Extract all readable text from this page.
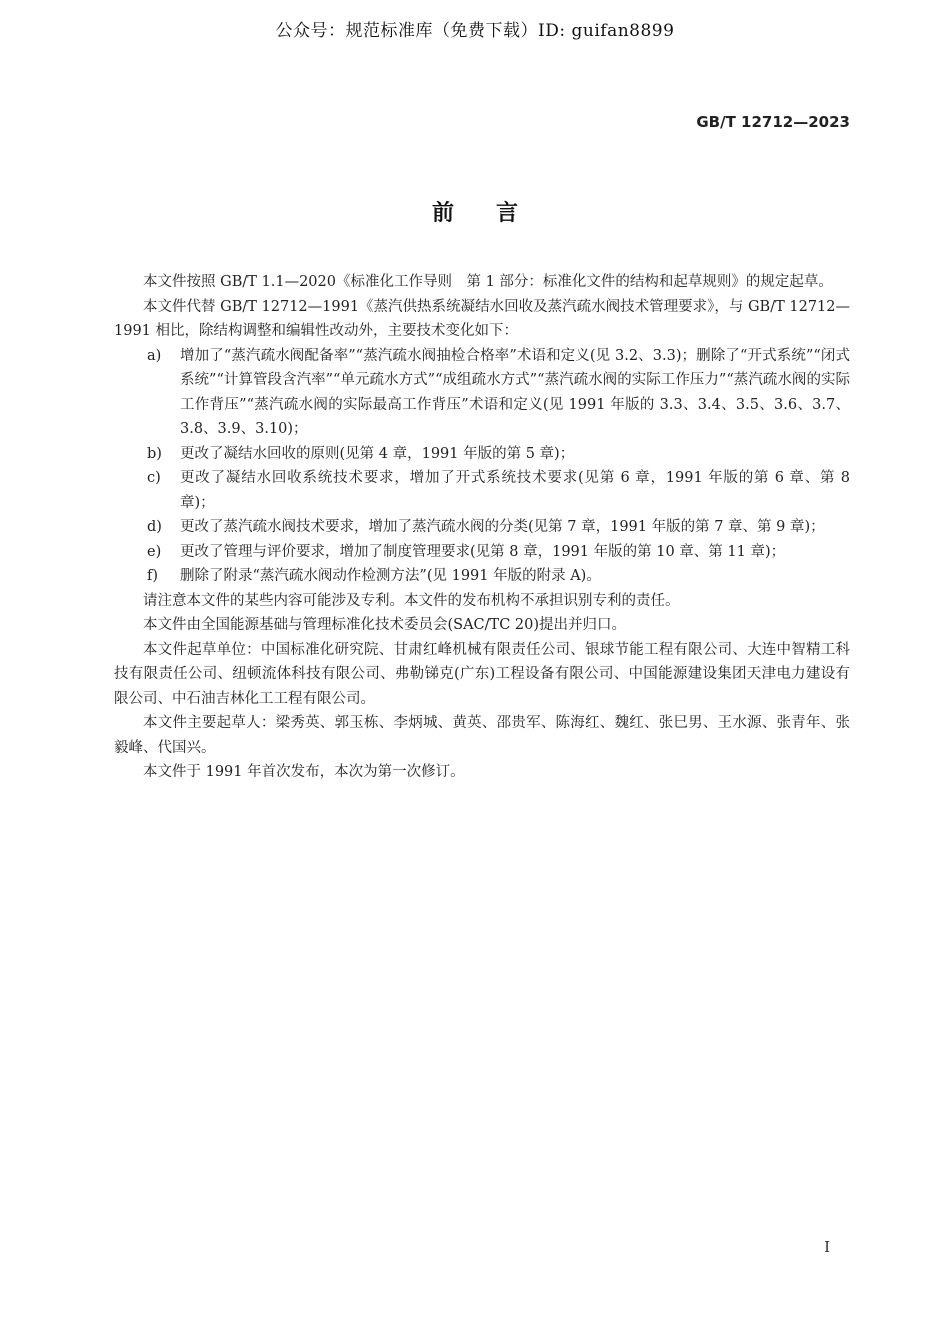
公众号：规范标准库（免费下载）ID: guifan8899
GB/T 12712—2023
前言

本文件按照 GB/T 1.1—2020《标准化工作导则　第 1 部分：标准化文件的结构和起草规则》的规定起草。

本文件代替 GB/T 12712—1991《蒸汽供热系统凝结水回收及蒸汽疏水阀技术管理要求》，与 GB/T 12712—1991 相比，除结构调整和编辑性改动外，主要技术变化如下：

a) 增加了“蒸汽疏水阀配备率”“蒸汽疏水阀抽检合格率”术语和定义(见 3.2、3.3)；删除了“开式系统”“闭式系统”“计算管段含汽率”“单元疏水方式”“成组疏水方式”“蒸汽疏水阀的实际工作压力”“蒸汽疏水阀的实际工作背压”“蒸汽疏水阀的实际最高工作背压”术语和定义(见 1991 年版的 3.3、3.4、3.5、3.6、3.7、3.8、3.9、3.10)；
b) 更改了凝结水回收的原则(见第 4 章，1991 年版的第 5 章)；
c) 更改了凝结水回收系统技术要求，增加了开式系统技术要求(见第 6 章，1991 年版的第 6 章、第 8 章)；
d) 更改了蒸汽疏水阀技术要求，增加了蒸汽疏水阀的分类(见第 7 章，1991 年版的第 7 章、第 9 章)；
e) 更改了管理与评价要求，增加了制度管理要求(见第 8 章，1991 年版的第 10 章、第 11 章)；
f) 删除了附录“蒸汽疏水阀动作检测方法”(见 1991 年版的附录 A)。

请注意本文件的某些内容可能涉及专利。本文件的发布机构不承担识别专利的责任。

本文件由全国能源基础与管理标准化技术委员会(SAC/TC 20)提出并归口。

本文件起草单位：中国标准化研究院、甘肃红峰机械有限责任公司、银球节能工程有限公司、大连中智精工科技有限责任公司、纽顿流体科技有限公司、弗勒锑克(广东)工程设备有限公司、中国能源建设集团天津电力建设有限公司、中石油吉林化工工程有限公司。

本文件主要起草人：梁秀英、郭玉栋、李炳城、黄英、邵贵军、陈海红、魏红、张巳男、王水源、张青年、张毅峰、代国兴。

本文件于 1991 年首次发布，本次为第一次修订。

I
